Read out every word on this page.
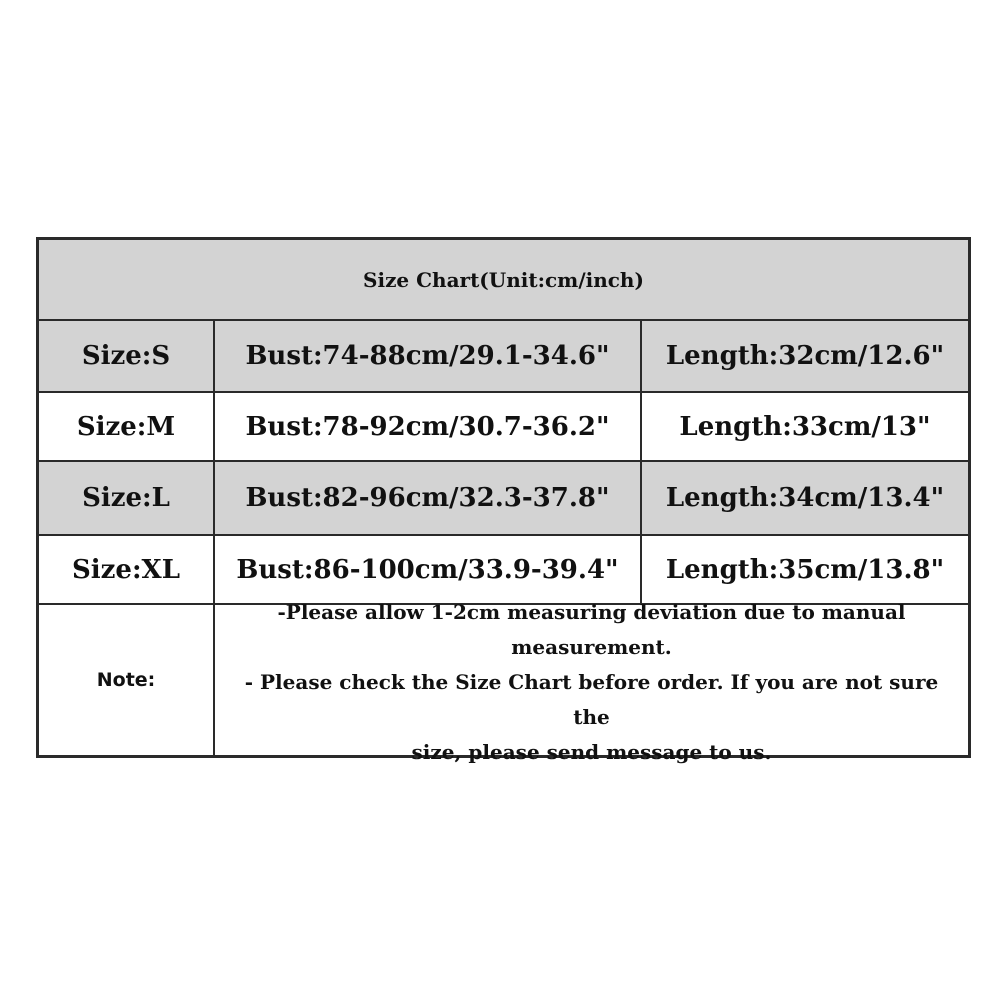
Size Chart(Unit:cm/inch)
Size:S	Bust:74-88cm/29.1-34.6"	Length:32cm/12.6"
Size:M	Bust:78-92cm/30.7-36.2"	Length:33cm/13"
Size:L	Bust:82-96cm/32.3-37.8"	Length:34cm/13.4"
Size:XL	Bust:86-100cm/33.9-39.4"	Length:35cm/13.8"
Note:
-Please allow 1-2cm measuring deviation due to manual
measurement.
- Please check the Size Chart before order. If you are not sure the
size, please send message to us.
